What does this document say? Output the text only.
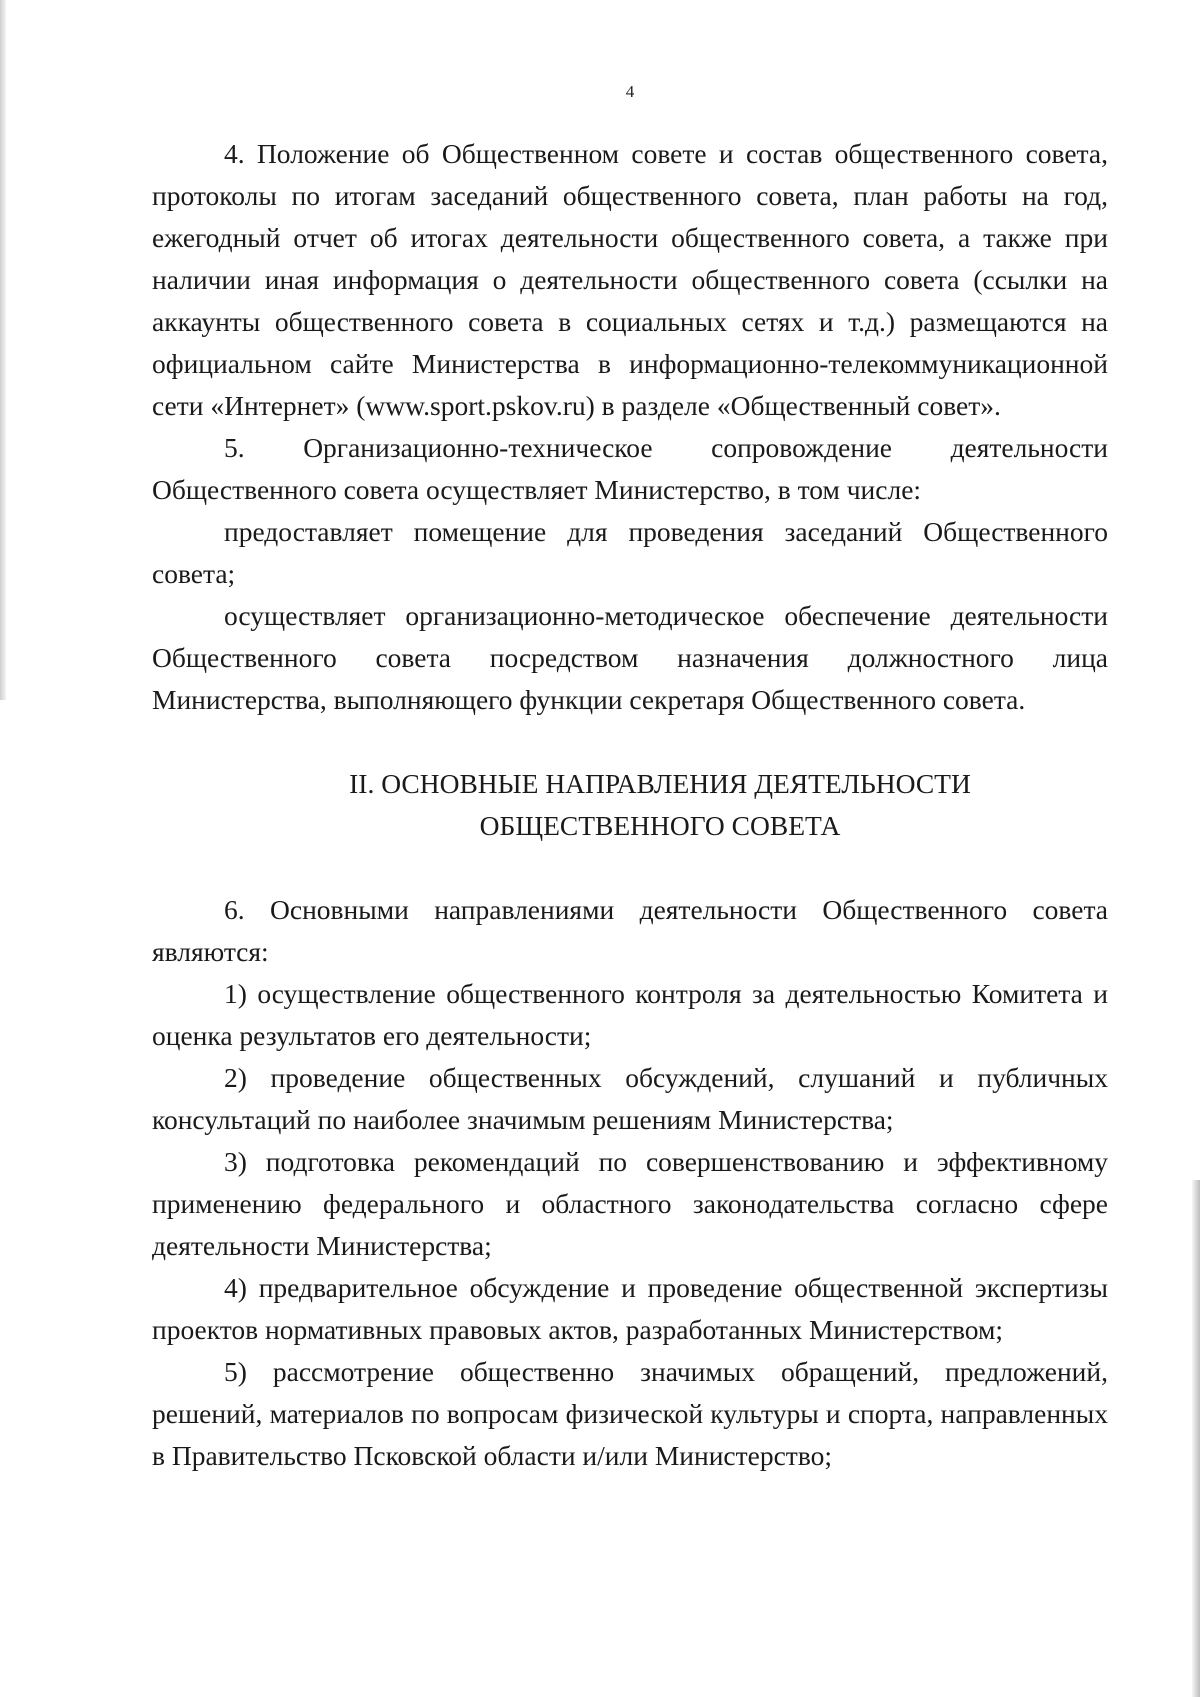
4

4. Положение об Общественном совете и состав общественного совета, протоколы по итогам заседаний общественного совета, план работы на год, ежегодный отчет об итогах деятельности общественного совета, а также при наличии иная информация о деятельности общественного совета (ссылки на аккаунты общественного совета в социальных сетях и т.д.) размещаются на официальном сайте Министерства в информационно-телекоммуникационной сети «Интернет» (www.sport.pskov.ru) в разделе «Общественный совет».

5. Организационно-техническое сопровождение деятельности Общественного совета осуществляет Министерство, в том числе:

предоставляет помещение для проведения заседаний Общественного совета;

осуществляет организационно-методическое обеспечение деятельности Общественного совета посредством назначения должностного лица Министерства, выполняющего функции секретаря Общественного совета.

II. ОСНОВНЫЕ НАПРАВЛЕНИЯ ДЕЯТЕЛЬНОСТИ

ОБЩЕСТВЕННОГО СОВЕТА

6. Основными направлениями деятельности Общественного совета являются:

1) осуществление общественного контроля за деятельностью Комитета и оценка результатов его деятельности;

2) проведение общественных обсуждений, слушаний и публичных консультаций по наиболее значимым решениям Министерства;

3) подготовка рекомендаций по совершенствованию и эффективному применению федерального и областного законодательства согласно сфере деятельности Министерства;

4) предварительное обсуждение и проведение общественной экспертизы проектов нормативных правовых актов, разработанных Министерством;

5) рассмотрение общественно значимых обращений, предложений, решений, материалов по вопросам физической культуры и спорта, направленных в Правительство Псковской области и/или Министерство;
